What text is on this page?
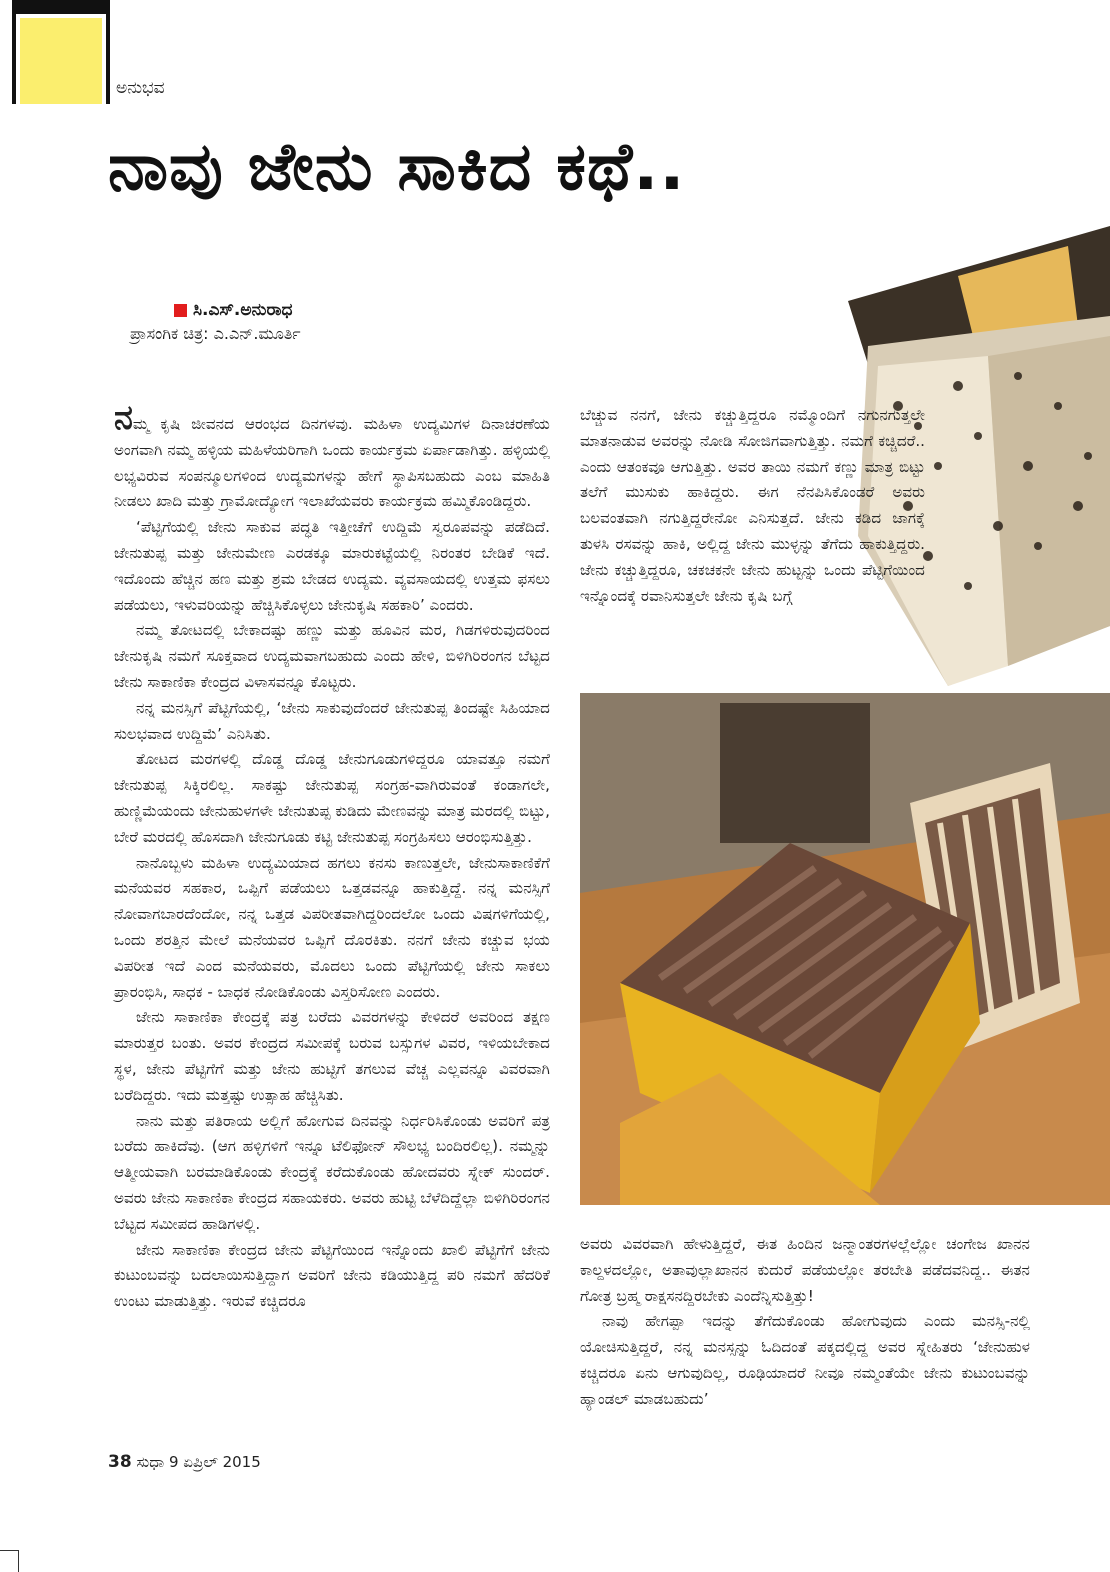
ಅನುಭವ
ನಾವು ಜೇನು ಸಾಕಿದ ಕಥೆ..
ಸಿ.ಎಸ್.ಅನುರಾಧ
ಪ್ರಾಸಂಗಿಕ ಚಿತ್ರ: ಎ.ಎನ್.ಮೂರ್ತಿ

ನಮ್ಮ ಕೃಷಿ ಜೀವನದ ಆರಂಭದ ದಿನಗಳವು. ಮಹಿಳಾ ಉದ್ಯಮಿಗಳ ದಿನಾಚರಣೆಯ ಅಂಗವಾಗಿ ನಮ್ಮ ಹಳ್ಳಿಯ ಮಹಿಳೆಯರಿಗಾಗಿ ಒಂದು ಕಾರ್ಯಕ್ರಮ ಏರ್ಪಾಡಾಗಿತ್ತು. ಹಳ್ಳಿಯಲ್ಲಿ ಲಭ್ಯವಿರುವ ಸಂಪನ್ಮೂಲಗಳಿಂದ ಉದ್ಯಮಗಳನ್ನು ಹೇಗೆ ಸ್ಥಾಪಿಸಬಹುದು ಎಂಬ ಮಾಹಿತಿ ನೀಡಲು ಖಾದಿ ಮತ್ತು ಗ್ರಾಮೋದ್ಯೋಗ ಇಲಾಖೆಯವರು ಕಾರ್ಯಕ್ರಮ ಹಮ್ಮಿಕೊಂಡಿದ್ದರು.

‘ಪೆಟ್ಟಿಗೆಯಲ್ಲಿ ಜೇನು ಸಾಕುವ ಪದ್ಧತಿ ಇತ್ತೀಚೆಗೆ ಉದ್ದಿಮೆ ಸ್ವರೂಪವನ್ನು ಪಡೆದಿದೆ. ಜೇನುತುಪ್ಪ ಮತ್ತು ಜೇನುಮೇಣ ಎರಡಕ್ಕೂ ಮಾರುಕಟ್ಟೆಯಲ್ಲಿ ನಿರಂತರ ಬೇಡಿಕೆ ಇದೆ. ಇದೊಂದು ಹೆಚ್ಚಿನ ಹಣ ಮತ್ತು ಶ್ರಮ ಬೇಡದ ಉದ್ಯಮ. ವ್ಯವಸಾಯದಲ್ಲಿ ಉತ್ತಮ ಫಸಲು ಪಡೆಯಲು, ಇಳುವರಿಯನ್ನು ಹೆಚ್ಚಿಸಿಕೊಳ್ಳಲು ಜೇನುಕೃಷಿ ಸಹಕಾರಿ’ ಎಂದರು.

ನಮ್ಮ ತೋಟದಲ್ಲಿ ಬೇಕಾದಷ್ಟು ಹಣ್ಣು ಮತ್ತು ಹೂವಿನ ಮರ, ಗಿಡಗಳಿರುವುದರಿಂದ ಜೇನುಕೃಷಿ ನಮಗೆ ಸೂಕ್ತವಾದ ಉದ್ಯಮವಾಗಬಹುದು ಎಂದು ಹೇಳಿ, ಬಿಳಿಗಿರಿರಂಗನ ಬೆಟ್ಟದ ಜೇನು ಸಾಕಾಣಿಕಾ ಕೇಂದ್ರದ ವಿಳಾಸವನ್ನೂ ಕೊಟ್ಟರು.

ನನ್ನ ಮನಸ್ಸಿಗೆ ಪೆಟ್ಟಿಗೆಯಲ್ಲಿ, ‘ಜೇನು ಸಾಕುವುದೆಂದರೆ ಜೇನುತುಪ್ಪ ತಿಂದಷ್ಟೇ ಸಿಹಿಯಾದ ಸುಲಭವಾದ ಉದ್ದಿಮೆ’ ಎನಿಸಿತು.

ತೋಟದ ಮರಗಳಲ್ಲಿ ದೊಡ್ಡ ದೊಡ್ಡ ಜೇನುಗೂಡುಗಳಿದ್ದರೂ ಯಾವತ್ತೂ ನಮಗೆ ಜೇನುತುಪ್ಪ ಸಿಕ್ಕಿರಲಿಲ್ಲ. ಸಾಕಷ್ಟು ಜೇನುತುಪ್ಪ ಸಂಗ್ರಹ-ವಾಗಿರುವಂತೆ ಕಂಡಾಗಲೇ, ಹುಣ್ಣಿಮೆಯಂದು ಜೇನುಹುಳಗಳೇ ಜೇನುತುಪ್ಪ ಕುಡಿದು ಮೇಣವನ್ನು ಮಾತ್ರ ಮರದಲ್ಲಿ ಬಿಟ್ಟು, ಬೇರೆ ಮರದಲ್ಲಿ ಹೊಸದಾಗಿ ಜೇನುಗೂಡು ಕಟ್ಟಿ ಜೇನುತುಪ್ಪ ಸಂಗ್ರಹಿಸಲು ಆರಂಭಿಸುತ್ತಿತ್ತು.

ನಾನೊಬ್ಬಳು ಮಹಿಳಾ ಉದ್ಯಮಿಯಾದ ಹಗಲು ಕನಸು ಕಾಣುತ್ತಲೇ, ಜೇನುಸಾಕಾಣಿಕೆಗೆ ಮನೆಯವರ ಸಹಕಾರ, ಒಪ್ಪಿಗೆ ಪಡೆಯಲು ಒತ್ತಡವನ್ನೂ ಹಾಕುತ್ತಿದ್ದೆ. ನನ್ನ ಮನಸ್ಸಿಗೆ ನೋವಾಗಬಾರದೆಂದೋ, ನನ್ನ ಒತ್ತಡ ವಿಪರೀತವಾಗಿದ್ದರಿಂದಲೋ ಒಂದು ವಿಷಗಳಿಗೆಯಲ್ಲಿ, ಒಂದು ಶರತ್ತಿನ ಮೇಲೆ ಮನೆಯವರ ಒಪ್ಪಿಗೆ ದೊರಕಿತು. ನನಗೆ ಜೇನು ಕಚ್ಚುವ ಭಯ ವಿಪರೀತ ಇದೆ ಎಂದ ಮನೆಯವರು, ಮೊದಲು ಒಂದು ಪೆಟ್ಟಿಗೆಯಲ್ಲಿ ಜೇನು ಸಾಕಲು ಪ್ರಾರಂಭಿಸಿ, ಸಾಧಕ - ಬಾಧಕ ನೋಡಿಕೊಂಡು ವಿಸ್ತರಿಸೋಣ ಎಂದರು.

ಜೇನು ಸಾಕಾಣಿಕಾ ಕೇಂದ್ರಕ್ಕೆ ಪತ್ರ ಬರೆದು ವಿವರಗಳನ್ನು ಕೇಳಿದರೆ ಅವರಿಂದ ತಕ್ಷಣ ಮಾರುತ್ತರ ಬಂತು. ಅವರ ಕೇಂದ್ರದ ಸಮೀಪಕ್ಕೆ ಬರುವ ಬಸ್ಸುಗಳ ವಿವರ, ಇಳಿಯಬೇಕಾದ ಸ್ಥಳ, ಜೇನು ಪೆಟ್ಟಿಗೆಗೆ ಮತ್ತು ಜೇನು ಹುಟ್ಟಿಗೆ ತಗಲುವ ವೆಚ್ಚ ಎಲ್ಲವನ್ನೂ ವಿವರವಾಗಿ ಬರೆದಿದ್ದರು. ಇದು ಮತ್ತಷ್ಟು ಉತ್ಸಾಹ ಹೆಚ್ಚಿಸಿತು.

ನಾನು ಮತ್ತು ಪತಿರಾಯ ಅಲ್ಲಿಗೆ ಹೋಗುವ ದಿನವನ್ನು ನಿರ್ಧರಿಸಿಕೊಂಡು ಅವರಿಗೆ ಪತ್ರ ಬರೆದು ಹಾಕಿದೆವು. (ಆಗ ಹಳ್ಳಿಗಳಿಗೆ ಇನ್ನೂ ಟೆಲಿಫೋನ್ ಸೌಲಭ್ಯ ಬಂದಿರಲಿಲ್ಲ). ನಮ್ಮನ್ನು ಆತ್ಮೀಯವಾಗಿ ಬರಮಾಡಿಕೊಂಡು ಕೇಂದ್ರಕ್ಕೆ ಕರೆದುಕೊಂಡು ಹೋದವರು ಸ್ನೇಕ್ ಸುಂದರ್. ಅವರು ಜೇನು ಸಾಕಾಣಿಕಾ ಕೇಂದ್ರದ ಸಹಾಯಕರು. ಅವರು ಹುಟ್ಟಿ ಬೆಳೆದಿದ್ದೆಲ್ಲಾ ಬಿಳಿಗಿರಿರಂಗನ ಬೆಟ್ಟದ ಸಮೀಪದ ಹಾಡಿಗಳಲ್ಲಿ.

ಜೇನು ಸಾಕಾಣಿಕಾ ಕೇಂದ್ರದ ಜೇನು ಪೆಟ್ಟಿಗೆಯಿಂದ ಇನ್ನೊಂದು ಖಾಲಿ ಪೆಟ್ಟಿಗೆಗೆ ಜೇನು ಕುಟುಂಬವನ್ನು ಬದಲಾಯಿಸುತ್ತಿದ್ದಾಗ ಅವರಿಗೆ ಜೇನು ಕಡಿಯುತ್ತಿದ್ದ ಪರಿ ನಮಗೆ ಹೆದರಿಕೆ ಉಂಟು ಮಾಡುತ್ತಿತ್ತು. ಇರುವೆ ಕಚ್ಚಿದರೂ

ಬೆಚ್ಚುವ ನನಗೆ, ಜೇನು ಕಚ್ಚುತ್ತಿದ್ದರೂ ನಮ್ಮೊಂದಿಗೆ ನಗುನಗುತ್ತಲೇ ಮಾತನಾಡುವ ಅವರನ್ನು ನೋಡಿ ಸೋಜಿಗವಾಗುತ್ತಿತ್ತು. ನಮಗೆ ಕಚ್ಚಿದರೆ.. ಎಂದು ಆತಂಕವೂ ಆಗುತ್ತಿತ್ತು. ಅವರ ತಾಯಿ ನಮಗೆ ಕಣ್ಣು ಮಾತ್ರ ಬಿಟ್ಟು ತಲೆಗೆ ಮುಸುಕು ಹಾಕಿದ್ದರು. ಈಗ ನೆನಪಿಸಿಕೊಂಡರೆ ಅವರು ಬಲವಂತವಾಗಿ ನಗುತ್ತಿದ್ದರೇನೋ ಎನಿಸುತ್ತದೆ. ಜೇನು ಕಡಿದ ಜಾಗಕ್ಕೆ ತುಳಸಿ ರಸವನ್ನು ಹಾಕಿ, ಅಲ್ಲಿದ್ದ ಜೇನು ಮುಳ್ಳನ್ನು ತೆಗೆದು ಹಾಕುತ್ತಿದ್ದರು. ಜೇನು ಕಚ್ಚುತ್ತಿದ್ದರೂ, ಚಕಚಕನೇ ಜೇನು ಹುಟ್ಟನ್ನು ಒಂದು ಪೆಟ್ಟಿಗೆಯಿಂದ ಇನ್ನೊಂದಕ್ಕೆ ರವಾನಿಸುತ್ತಲೇ ಜೇನು ಕೃಷಿ ಬಗ್ಗೆ

ಅವರು ವಿವರವಾಗಿ ಹೇಳುತ್ತಿದ್ದರೆ, ಈತ ಹಿಂದಿನ ಜನ್ಮಾಂತರಗಳಲ್ಲೆಲ್ಲೋ ಚಂಗೇಜ ಖಾನನ ಕಾಲ್ದಳದಲ್ಲೋ, ಅತಾವುಲ್ಲಾಖಾನನ ಕುದುರೆ ಪಡೆಯಲ್ಲೋ ತರಬೇತಿ ಪಡೆದವನಿದ್ದ.. ಈತನ ಗೋತ್ರ ಬ್ರಹ್ಮ ರಾಕ್ಷಸನದ್ದಿರಬೇಕು ಎಂದೆನ್ನಿಸುತ್ತಿತ್ತು!

ನಾವು ಹೇಗಪ್ಪಾ ಇದನ್ನು ತೆಗೆದುಕೊಂಡು ಹೋಗುವುದು ಎಂದು ಮನಸ್ಸಿ-ನಲ್ಲಿ ಯೋಚಿಸುತ್ತಿದ್ದರೆ, ನನ್ನ ಮನಸ್ಸನ್ನು ಓದಿದಂತೆ ಪಕ್ಕದಲ್ಲಿದ್ದ ಅವರ ಸ್ನೇಹಿತರು ‘ಜೇನುಹುಳ ಕಚ್ಚಿದರೂ ಏನು ಆಗುವುದಿಲ್ಲ, ರೂಢಿಯಾದರೆ ನೀವೂ ನಮ್ಮಂತೆಯೇ ಜೇನು ಕುಟುಂಬವನ್ನು ಹ್ಯಾಂಡಲ್ ಮಾಡಬಹುದು’

38 ಸುಧಾ 9 ಏಪ್ರಿಲ್ 2015
